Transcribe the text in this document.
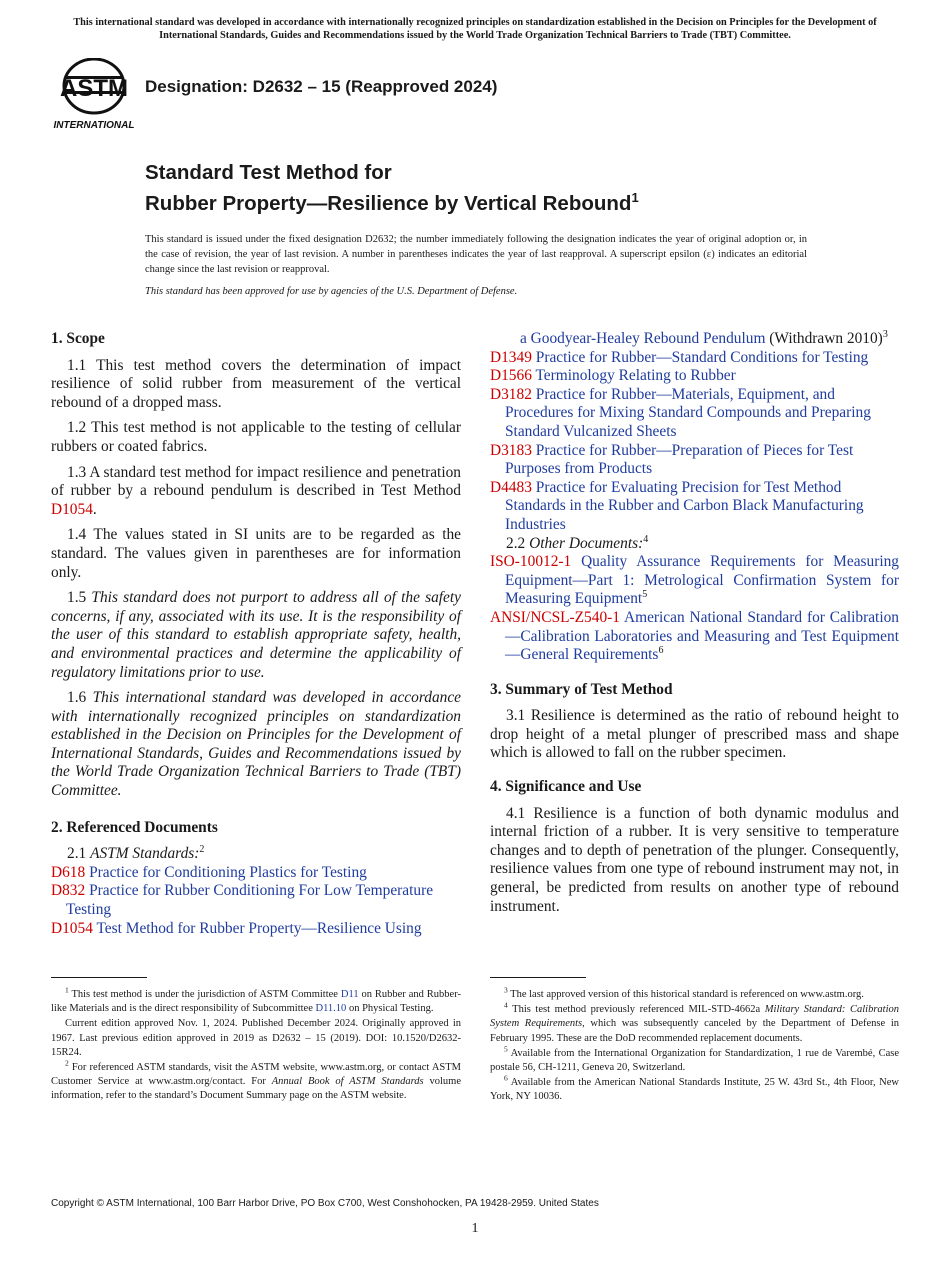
This international standard was developed in accordance with internationally recognized principles on standardization established in the Decision on Principles for the Development of International Standards, Guides and Recommendations issued by the World Trade Organization Technical Barriers to Trade (TBT) Committee.
ASTM
INTERNATIONAL
Designation: D2632 – 15 (Reapproved 2024)
Standard Test Method for
Rubber Property—Resilience by Vertical Rebound$^1$
This standard is issued under the fixed designation D2632; the number immediately following the designation indicates the year of original adoption or, in the case of revision, the year of last revision. A number in parentheses indicates the year of last reapproval. A superscript epsilon (ε) indicates an editorial change since the last revision or reapproval.
This standard has been approved for use by agencies of the U.S. Department of Defense.
1. Scope

1.1 This test method covers the determination of impact resilience of solid rubber from measurement of the vertical rebound of a dropped mass.

1.2 This test method is not applicable to the testing of cellular rubbers or coated fabrics.

1.3 A standard test method for impact resilience and penetration of rubber by a rebound pendulum is described in Test Method D1054.

1.4 The values stated in SI units are to be regarded as the standard. The values given in parentheses are for information only.

1.5 This standard does not purport to address all of the safety concerns, if any, associated with its use. It is the responsibility of the user of this standard to establish appropriate safety, health, and environmental practices and determine the applicability of regulatory limitations prior to use.

1.6 This international standard was developed in accordance with internationally recognized principles on standardization established in the Decision on Principles for the Development of International Standards, Guides and Recommendations issued by the World Trade Organization Technical Barriers to Trade (TBT) Committee.

2. Referenced Documents
2.1 ASTM Standards:$^2$
D618 Practice for Conditioning Plastics for Testing
D832 Practice for Rubber Conditioning For Low Temperature Testing
D1054 Test Method for Rubber Property—Resilience Using
a Goodyear-Healey Rebound Pendulum (Withdrawn 2010)$^3$
D1349 Practice for Rubber—Standard Conditions for Testing
D1566 Terminology Relating to Rubber
D3182 Practice for Rubber—Materials, Equipment, and Procedures for Mixing Standard Compounds and Preparing Standard Vulcanized Sheets
D3183 Practice for Rubber—Preparation of Pieces for Test Purposes from Products
D4483 Practice for Evaluating Precision for Test Method Standards in the Rubber and Carbon Black Manufacturing Industries
2.2 Other Documents:$^4$
ISO-10012-1 Quality Assurance Requirements for Measuring Equipment—Part 1: Metrological Confirmation System for Measuring Equipment$^5$
ANSI/NCSL-Z540-1 American National Standard for Calibration—Calibration Laboratories and Measuring and Test Equipment—General Requirements$^6$
3. Summary of Test Method

3.1 Resilience is determined as the ratio of rebound height to drop height of a metal plunger of prescribed mass and shape which is allowed to fall on the rubber specimen.

4. Significance and Use

4.1 Resilience is a function of both dynamic modulus and internal friction of a rubber. It is very sensitive to temperature changes and to depth of penetration of the plunger. Consequently, resilience values from one type of rebound instrument may not, in general, be predicted from results on another type of rebound instrument.

$^1$ This test method is under the jurisdiction of ASTM Committee D11 on Rubber and Rubber-like Materials and is the direct responsibility of Subcommittee D11.10 on Physical Testing.

Current edition approved Nov. 1, 2024. Published December 2024. Originally approved in 1967. Last previous edition approved in 2019 as D2632 – 15 (2019). DOI: 10.1520/D2632-15R24.

$^2$ For referenced ASTM standards, visit the ASTM website, www.astm.org, or contact ASTM Customer Service at www.astm.org/contact. For Annual Book of ASTM Standards volume information, refer to the standard’s Document Summary page on the ASTM website.

$^3$ The last approved version of this historical standard is referenced on www.astm.org.

$^4$ This test method previously referenced MIL-STD-4662a Military Standard: Calibration System Requirements, which was subsequently canceled by the Department of Defense in February 1995. These are the DoD recommended replacement documents.

$^5$ Available from the International Organization for Standardization, 1 rue de Varembé, Case postale 56, CH-1211, Geneva 20, Switzerland.

$^6$ Available from the American National Standards Institute, 25 W. 43rd St., 4th Floor, New York, NY 10036.

Copyright © ASTM International, 100 Barr Harbor Drive, PO Box C700, West Conshohocken, PA 19428-2959. United States
1
